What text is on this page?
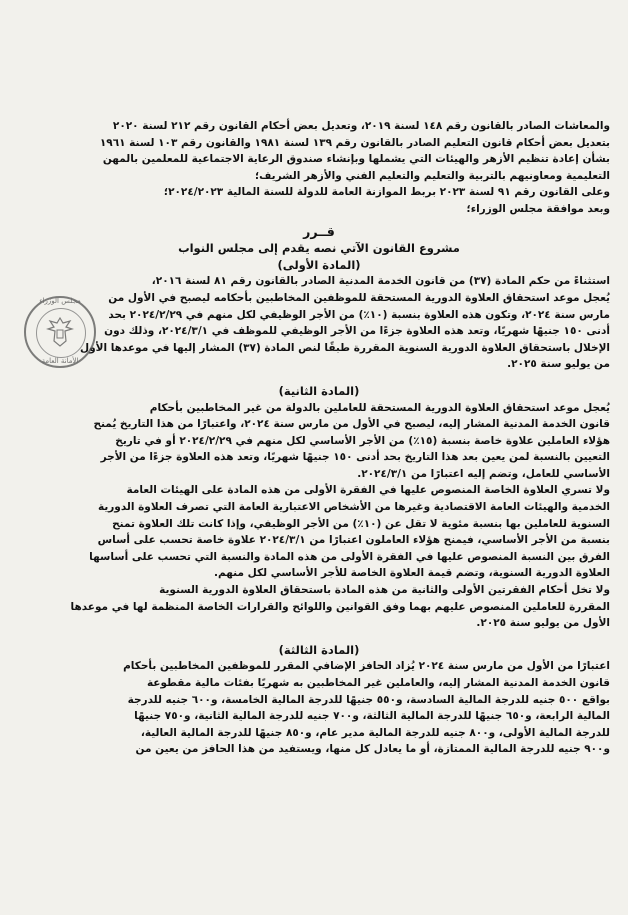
مجلس الوزراء
الأمانة العامة

والمعاشات الصادر بالقانون رقم ١٤٨ لسنة ٢٠١٩، وتعديل بعض أحكام القانون رقم ٢١٢ لسنة ٢٠٢٠

بتعديل بعض أحكام قانون التعليم الصادر بالقانون رقم ١٣٩ لسنة ١٩٨١ والقانون رقم ١٠٣ لسنة ١٩٦١

بشأن إعادة تنظيم الأزهر والهيئات التي يشملها وبإنشاء صندوق الرعاية الاجتماعية للمعلمين بالمهن

التعليمية ومعاونيهم بالتربية والتعليم والتعليم الفني والأزهر الشريف؛

وعلى القانون رقم ٩١ لسنة ٢٠٢٣ بربط الموازنة العامة للدولة للسنة المالية ٢٠٢٤/٢٠٢٣؛

وبعد موافقة مجلس الوزراء؛

قــرر
مشروع القانون الآتي نصه يقدم إلى مجلس النواب
(المادة الأولى)

استثناءً من حكم المادة (٣٧) من قانون الخدمة المدنية الصادر بالقانون رقم ٨١ لسنة ٢٠١٦،

يُعجل موعد استحقاق العلاوة الدورية المستحقة للموظفين المخاطبين بأحكامه ليصبح في الأول من

مارس سنة ٢٠٢٤، وتكون هذه العلاوة بنسبة (١٠٪) من الأجر الوظيفي لكل منهم في ٢٠٢٤/٢/٢٩ بحد

أدنى ١٥٠ جنيهًا شهريًا، وتعد هذه العلاوة جزءًا من الأجر الوظيفي للموظف في ٢٠٢٤/٣/١، وذلك دون

الإخلال باستحقاق العلاوة الدورية السنوية المقررة طبقًا لنص المادة (٣٧) المشار إليها في موعدها الأول

من يوليو سنة ٢٠٢٥.

(المادة الثانية)

يُعجل موعد استحقاق العلاوة الدورية المستحقة للعاملين بالدولة من غير المخاطبين بأحكام

قانون الخدمة المدنية المشار إليه، ليصبح في الأول من مارس سنة ٢٠٢٤، واعتبارًا من هذا التاريخ يُمنح

هؤلاء العاملين علاوة خاصة بنسبة (١٥٪) من الأجر الأساسي لكل منهم في ٢٠٢٤/٢/٢٩ أو في تاريخ

التعيين بالنسبة لمن يعين بعد هذا التاريخ بحد أدنى ١٥٠ جنيهًا شهريًا، وتعد هذه العلاوة جزءًا من الأجر

الأساسي للعامل، وتضم إليه اعتبارًا من ٢٠٢٤/٣/١.

ولا تسري العلاوة الخاصة المنصوص عليها في الفقرة الأولى من هذه المادة على الهيئات العامة

الخدمية والهيئات العامة الاقتصادية وغيرها من الأشخاص الاعتبارية العامة التي تصرف العلاوة الدورية

السنوية للعاملين بها بنسبة مئوية لا تقل عن (١٠٪) من الأجر الوظيفي، وإذا كانت تلك العلاوة تمنح

بنسبة من الأجر الأساسي، فيمنح هؤلاء العاملون اعتبارًا من ٢٠٢٤/٣/١ علاوة خاصة تحسب على أساس

الفرق بين النسبة المنصوص عليها في الفقرة الأولى من هذه المادة والنسبة التي تحسب على أساسها

العلاوة الدورية السنوية، وتضم قيمة العلاوة الخاصة للأجر الأساسي لكل منهم.

ولا تخل أحكام الفقرتين الأولى والثانية من هذه المادة باستحقاق العلاوة الدورية السنوية

المقررة للعاملين المنصوص عليهم بهما وفق القوانين واللوائح والقرارات الخاصة المنظمة لها في موعدها

الأول من يوليو سنة ٢٠٢٥.

(المادة الثالثة)

اعتبارًا من الأول من مارس سنة ٢٠٢٤ يُزاد الحافز الإضافي المقرر للموظفين المخاطبين بأحكام

قانون الخدمة المدنية المشار إليه، والعاملين غير المخاطبين به شهريًا بفئات مالية مقطوعة

بواقع ٥٠٠ جنيه للدرجة المالية السادسة، و٥٥٠ جنيهًا للدرجة المالية الخامسة، و٦٠٠ جنيه للدرجة

المالية الرابعة، و٦٥٠ جنيهًا للدرجة المالية الثالثة، و٧٠٠ جنيه للدرجة المالية الثانية، و٧٥٠ جنيهًا

للدرجة المالية الأولى، و٨٠٠ جنيه للدرجة المالية مدير عام، و٨٥٠ جنيهًا للدرجة المالية العالية،

و٩٠٠ جنيه للدرجة المالية الممتازة، أو ما يعادل كل منها، ويستفيد من هذا الحافز من يعين من
